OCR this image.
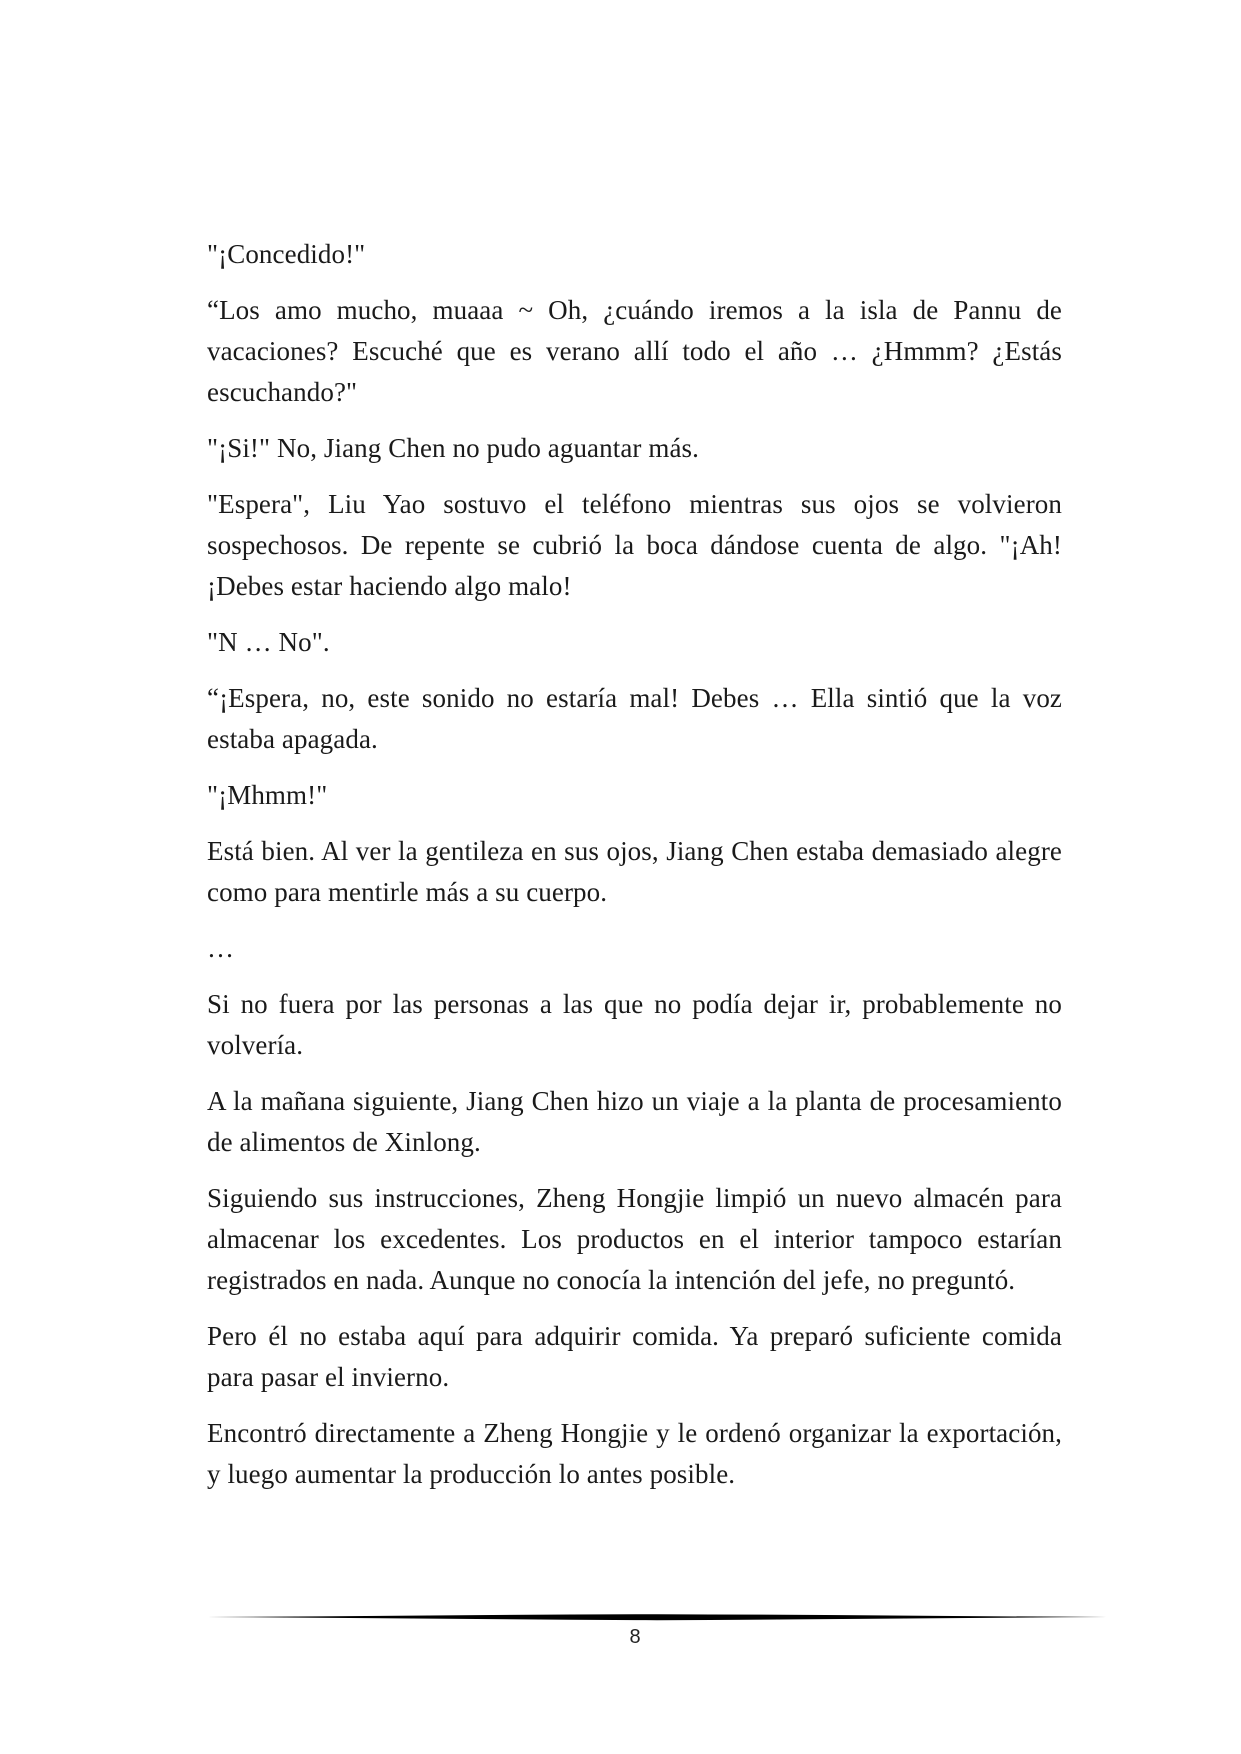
"¡Concedido!"

“Los amo mucho, muaaa ~ Oh, ¿cuándo iremos a la isla de Pannu de vacaciones? Escuché que es verano allí todo el año … ¿Hmmm? ¿Estás escuchando?"

"¡Si!" No, Jiang Chen no pudo aguantar más.

"Espera", Liu Yao sostuvo el teléfono mientras sus ojos se volvieron sospechosos. De repente se cubrió la boca dándose cuenta de algo. "¡Ah! ¡Debes estar haciendo algo malo!

"N … No".

“¡Espera, no, este sonido no estaría mal! Debes … Ella sintió que la voz estaba apagada.

"¡Mhmm!"

Está bien. Al ver la gentileza en sus ojos, Jiang Chen estaba demasiado alegre como para mentirle más a su cuerpo.

…

Si no fuera por las personas a las que no podía dejar ir, probablemente no volvería.

A la mañana siguiente, Jiang Chen hizo un viaje a la planta de procesamiento de alimentos de Xinlong.

Siguiendo sus instrucciones, Zheng Hongjie limpió un nuevo almacén para almacenar los excedentes. Los productos en el interior tampoco estarían registrados en nada. Aunque no conocía la intención del jefe, no preguntó.

Pero él no estaba aquí para adquirir comida. Ya preparó suficiente comida para pasar el invierno.

Encontró directamente a Zheng Hongjie y le ordenó organizar la exportación, y luego aumentar la producción lo antes posible.

8
